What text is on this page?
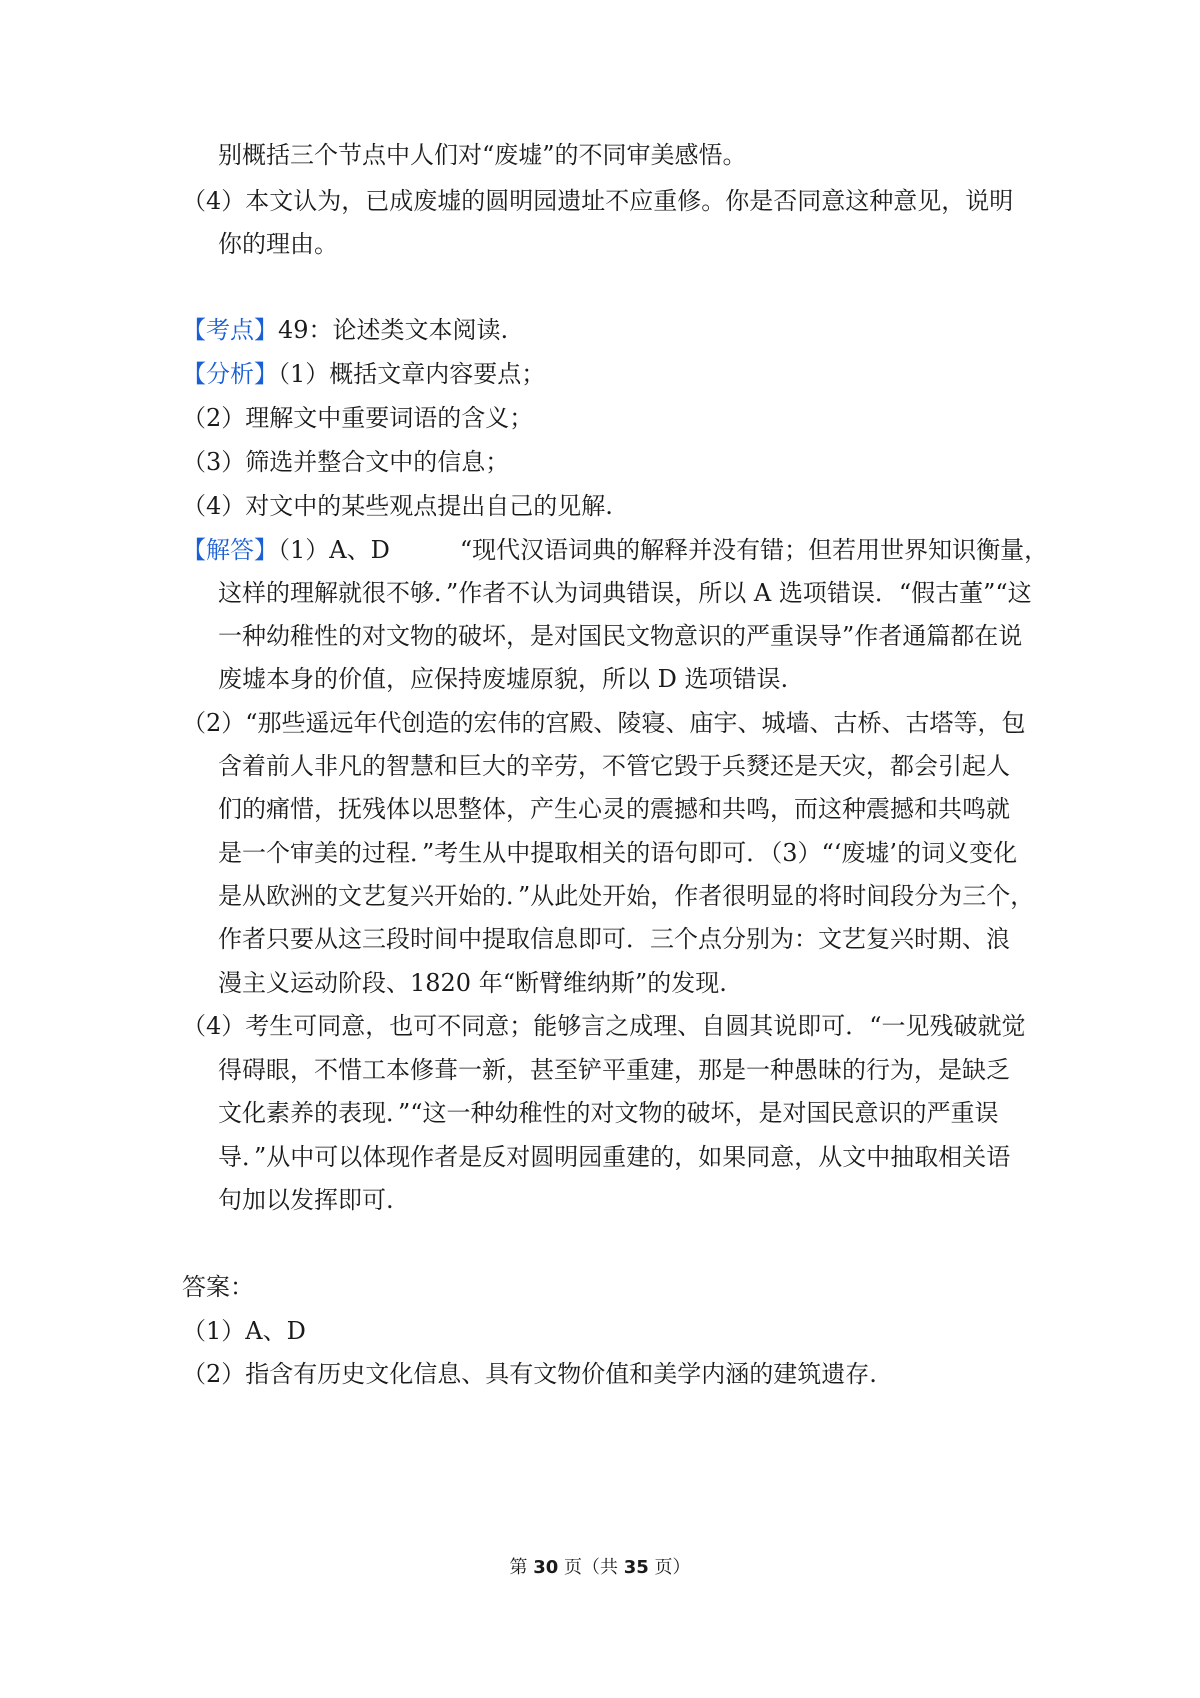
别概括三个节点中人们对“废墟”的不同审美感悟。
（4）本文认为，已成废墟的圆明园遗址不应重修。你是否同意这种意见，说明
你的理由。
【考点】49：论述类文本阅读.
【分析】（1）概括文章内容要点；
（2）理解文中重要词语的含义；
（3）筛选并整合文中的信息；
（4）对文中的某些观点提出自己的见解.
【解答】（1）A、D	“现代汉语词典的解释并没有错；但若用世界知识衡量，
这样的理解就很不够．”作者不认为词典错误，所以 A 选项错误．“假古董”“这
一种幼稚性的对文物的破坏，是对国民文物意识的严重误导”作者通篇都在说
废墟本身的价值，应保持废墟原貌，所以 D 选项错误.
（2）“那些遥远年代创造的宏伟的宫殿、陵寝、庙宇、城墙、古桥、古塔等，包
含着前人非凡的智慧和巨大的辛劳，不管它毁于兵燹还是天灾，都会引起人
们的痛惜，抚残体以思整体，产生心灵的震撼和共鸣，而这种震撼和共鸣就
是一个审美的过程．”考生从中提取相关的语句即可．（3）“‘废墟’的词义变化
是从欧洲的文艺复兴开始的．”从此处开始，作者很明显的将时间段分为三个，
作者只要从这三段时间中提取信息即可．三个点分别为：文艺复兴时期、浪
漫主义运动阶段、1820 年“断臂维纳斯”的发现.
（4）考生可同意，也可不同意；能够言之成理、自圆其说即可．“一见残破就觉
得碍眼，不惜工本修葺一新，甚至铲平重建，那是一种愚昧的行为，是缺乏
文化素养的表现．”“这一种幼稚性的对文物的破坏，是对国民意识的严重误
导．”从中可以体现作者是反对圆明园重建的，如果同意，从文中抽取相关语
句加以发挥即可.
答案：
（1）A、D
（2）指含有历史文化信息、具有文物价值和美学内涵的建筑遗存.
第 30 页（共 35 页）
